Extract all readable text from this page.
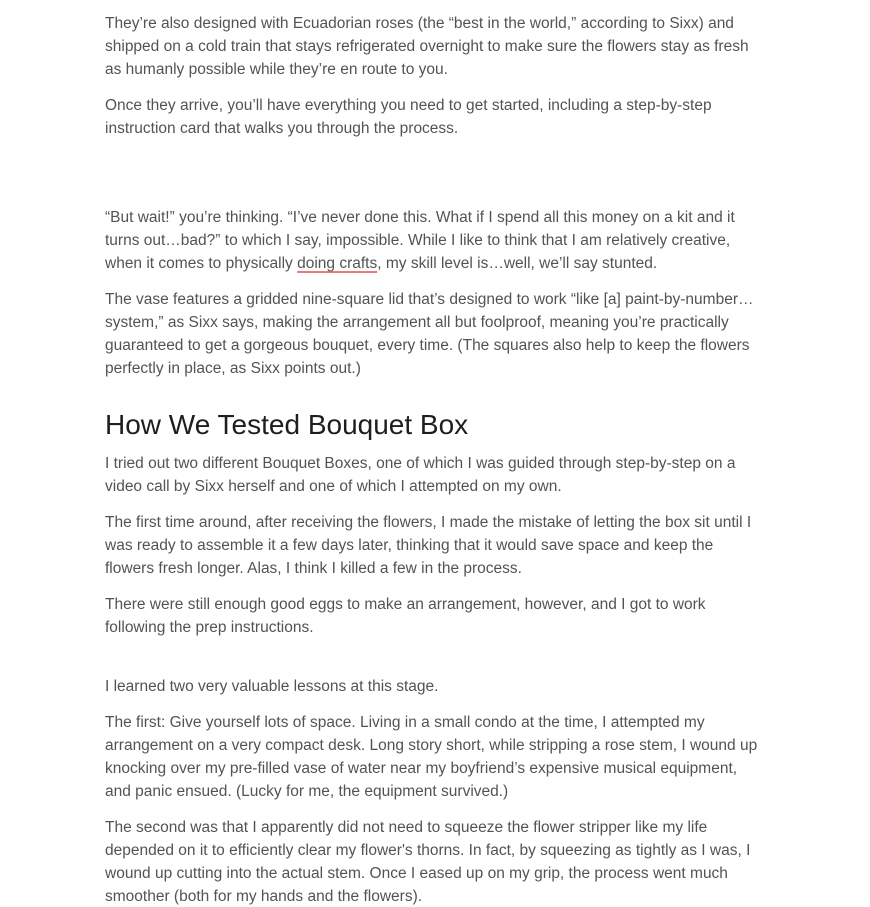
They’re also designed with Ecuadorian roses (the “best in the world,” according to Sixx) and shipped on a cold train that stays refrigerated overnight to make sure the flowers stay as fresh as humanly possible while they’re en route to you.

Once they arrive, you’ll have everything you need to get started, including a step-by-step instruction card that walks you through the process.

“But wait!” you’re thinking. “I’ve never done this. What if I spend all this money on a kit and it turns out…bad?” to which I say, impossible. While I like to think that I am relatively creative, when it comes to physically doing crafts, my skill level is…well, we’ll say stunted.

The vase features a gridded nine-square lid that’s designed to work “like [a] paint-by-number…​system,” as Sixx says, making the arrangement all but foolproof, meaning you’re practically guaranteed to get a gorgeous bouquet, every time. (The squares also help to keep the flowers perfectly in place, as Sixx points out.)

How We Tested Bouquet Box

I tried out two different Bouquet Boxes, one of which I was guided through step-by-step on a video call by Sixx herself and one of which I attempted on my own.

The first time around, after receiving the flowers, I made the mistake of letting the box sit until I was ready to assemble it a few days later, thinking that it would save space and keep the flowers fresh longer. Alas, I think I killed a few in the process.

There were still enough good eggs to make an arrangement, however, and I got to work following the prep instructions.

I learned two very valuable lessons at this stage.

The first: Give yourself lots of space. Living in a small condo at the time, I attempted my arrangement on a very compact desk. Long story short, while stripping a rose stem, I wound up knocking over my pre-filled vase of water near my boyfriend’s expensive musical equipment, and panic ensued. (Lucky for me, the equipment survived.)

The second was that I apparently did not need to squeeze the flower stripper like my life depended on it to efficiently clear my flower's thorns. In fact, by squeezing as tightly as I was, I wound up cutting into the actual stem. Once I eased up on my grip, the process went much smoother (both for my hands and the flowers).
